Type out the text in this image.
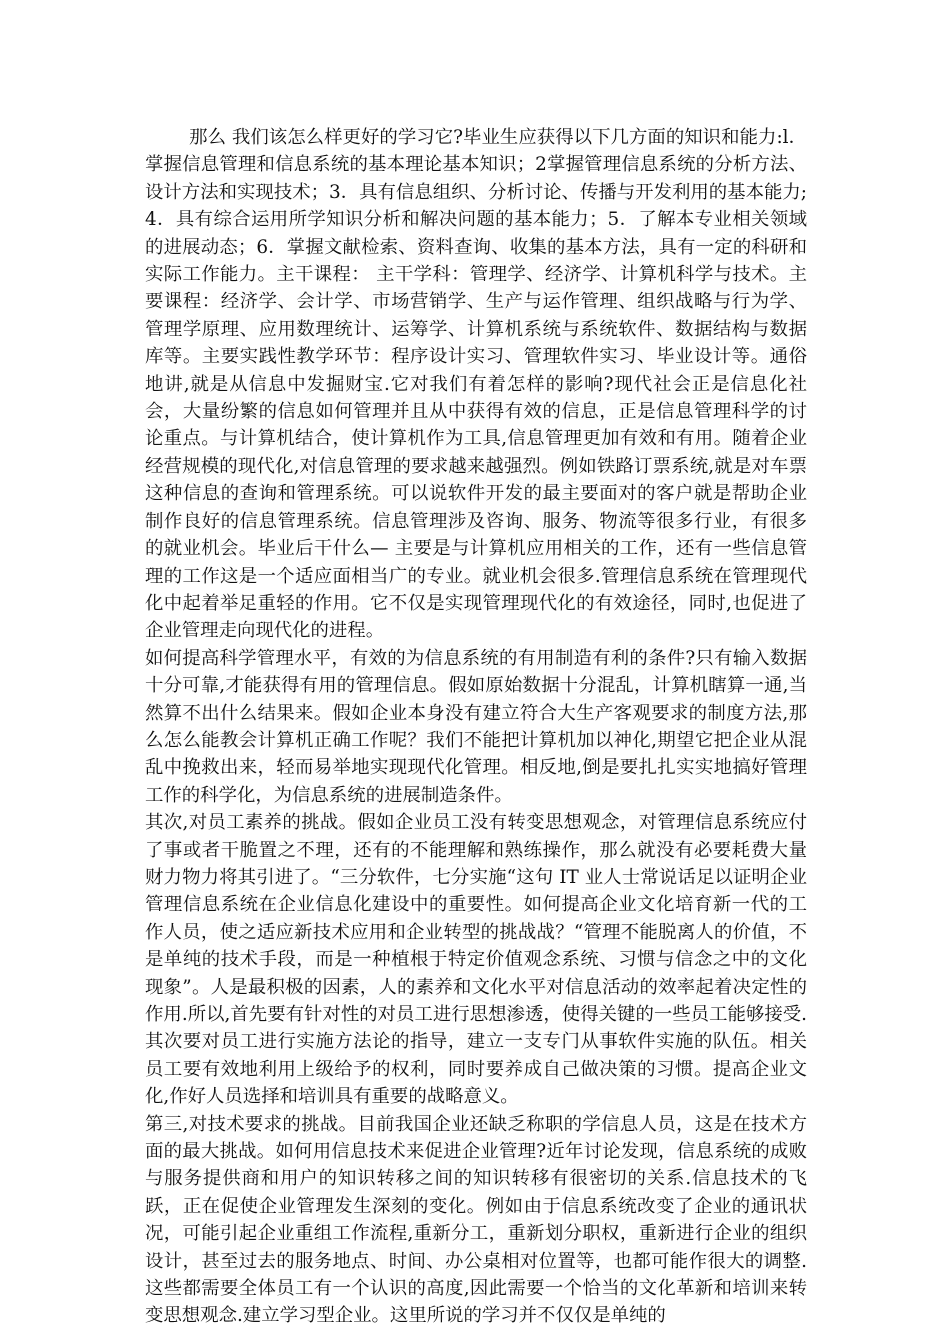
那么 我们该怎么样更好的学习它?毕业生应获得以下几方面的知识和能力:l．掌握信息管理和信息系统的基本理论基本知识；2掌握管理信息系统的分析方法、设计方法和实现技术；3．具有信息组织、分析讨论、传播与开发利用的基本能力;4．具有综合运用所学知识分析和解决问题的基本能力；5．了解本专业相关领域的进展动态；6．掌握文献检索、资料查询、收集的基本方法，具有一定的科研和实际工作能力。主干课程： 主干学科：管理学、经济学、计算机科学与技术。主要课程：经济学、会计学、市场营销学、生产与运作管理、组织战略与行为学、管理学原理、应用数理统计、运筹学、计算机系统与系统软件、数据结构与数据库等。主要实践性教学环节：程序设计实习、管理软件实习、毕业设计等。通俗地讲,就是从信息中发掘财宝.它对我们有着怎样的影响?现代社会正是信息化社会，大量纷繁的信息如何管理并且从中获得有效的信息，正是信息管理科学的讨论重点。与计算机结合，使计算机作为工具,信息管理更加有效和有用。随着企业经营规模的现代化,对信息管理的要求越来越强烈。例如铁路订票系统,就是对车票这种信息的查询和管理系统。可以说软件开发的最主要面对的客户就是帮助企业制作良好的信息管理系统。信息管理涉及咨询、服务、物流等很多行业，有很多的就业机会。毕业后干什么— 主要是与计算机应用相关的工作，还有一些信息管理的工作这是一个适应面相当广的专业。就业机会很多.管理信息系统在管理现代化中起着举足重轻的作用。它不仅是实现管理现代化的有效途径，同时,也促进了企业管理走向现代化的进程。

如何提高科学管理水平，有效的为信息系统的有用制造有利的条件?只有输入数据十分可靠,才能获得有用的管理信息。假如原始数据十分混乱，计算机瞎算一通,当然算不出什么结果来。假如企业本身没有建立符合大生产客观要求的制度方法,那么怎么能教会计算机正确工作呢？我们不能把计算机加以神化,期望它把企业从混乱中挽救出来，轻而易举地实现现代化管理。相反地,倒是要扎扎实实地搞好管理工作的科学化，为信息系统的进展制造条件。

其次,对员工素养的挑战。假如企业员工没有转变思想观念，对管理信息系统应付了事或者干脆置之不理，还有的不能理解和熟练操作，那么就没有必要耗费大量财力物力将其引进了。“三分软件，七分实施“这句 IT 业人士常说话足以证明企业管理信息系统在企业信息化建设中的重要性。如何提高企业文化培育新一代的工作人员，使之适应新技术应用和企业转型的挑战战？“管理不能脱离人的价值，不是单纯的技术手段，而是一种植根于特定价值观念系统、习惯与信念之中的文化现象”。人是最积极的因素，人的素养和文化水平对信息活动的效率起着决定性的作用.所以,首先要有针对性的对员工进行思想渗透，使得关键的一些员工能够接受.其次要对员工进行实施方法论的指导，建立一支专门从事软件实施的队伍。相关员工要有效地利用上级给予的权利，同时要养成自己做决策的习惯。提高企业文化,作好人员选择和培训具有重要的战略意义。

第三,对技术要求的挑战。目前我国企业还缺乏称职的学信息人员，这是在技术方面的最大挑战。如何用信息技术来促进企业管理?近年讨论发现，信息系统的成败与服务提供商和用户的知识转移之间的知识转移有很密切的关系.信息技术的飞跃，正在促使企业管理发生深刻的变化。例如由于信息系统改变了企业的通讯状况，可能引起企业重组工作流程,重新分工，重新划分职权，重新进行企业的组织设计，甚至过去的服务地点、时间、办公桌相对位置等，也都可能作很大的调整.这些都需要全体员工有一个认识的高度,因此需要一个恰当的文化革新和培训来转变思想观念.建立学习型企业。这里所说的学习并不仅仅是单纯的
